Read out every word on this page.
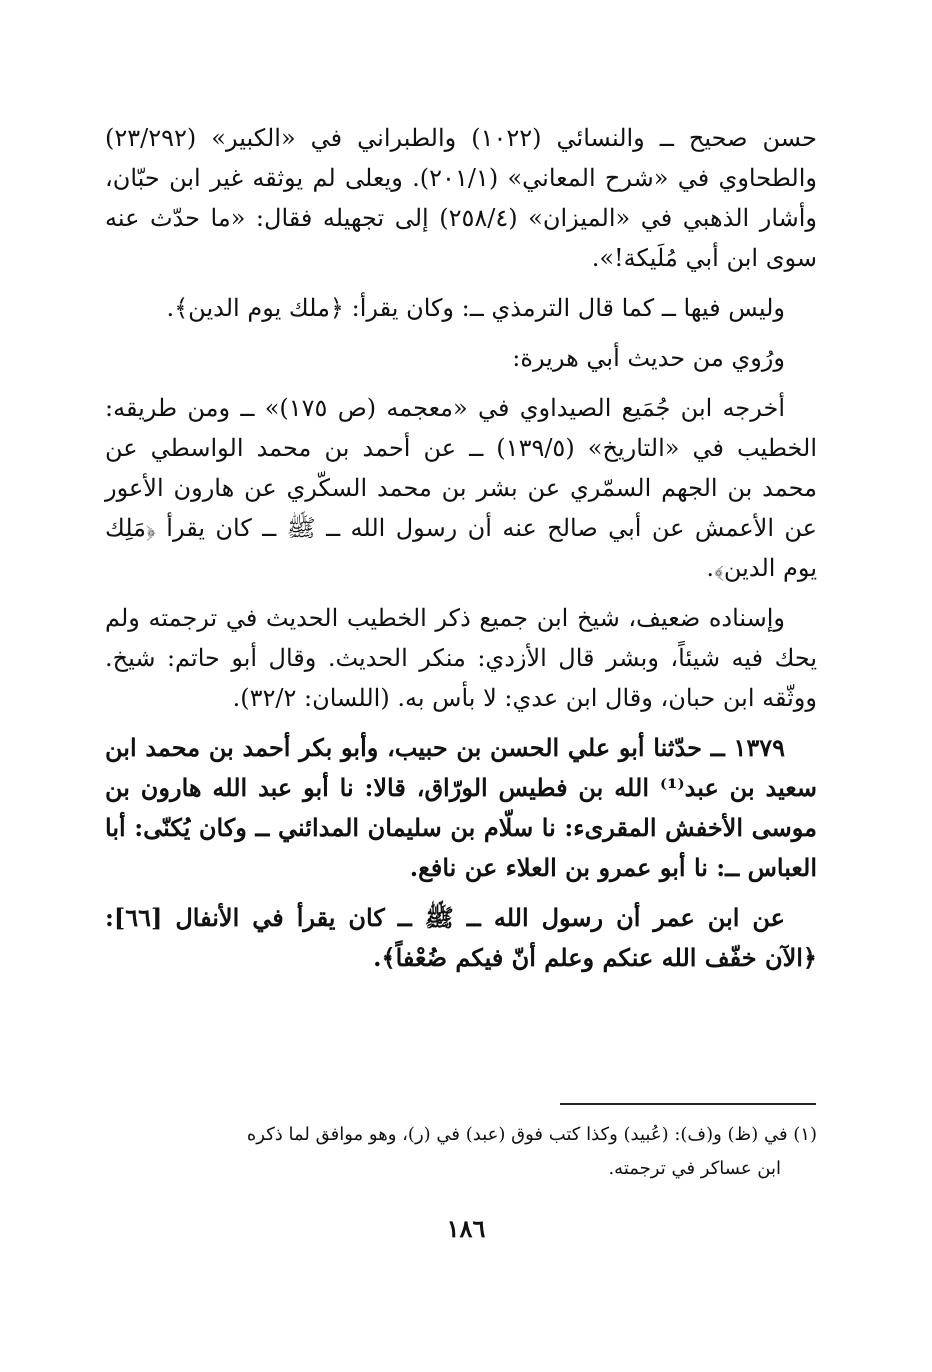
حسن صحيح ــ والنسائي (١٠٢٢) والطبراني في «الكبير» (٢٣/٢٩٢) والطحاوي في «شرح المعاني» (٢٠١/١). ويعلى لم يوثقه غير ابن حبّان، وأشار الذهبي في «الميزان» (٢٥٨/٤) إلى تجهيله فقال: «ما حدّث عنه سوى ابن أبي مُلَيكة!».

وليس فيها ــ كما قال الترمذي ــ: وكان يقرأ: ﴿ملك يوم الدين﴾.

ورُوي من حديث أبي هريرة:

أخرجه ابن جُمَيع الصيداوي في «معجمه (ص ١٧٥)» ــ ومن طريقه: الخطيب في «التاريخ» (١٣٩/٥) ــ عن أحمد بن محمد الواسطي عن محمد بن الجهم السمّري عن بشر بن محمد السكّري عن هارون الأعور عن الأعمش عن أبي صالح عنه أن رسول الله ــ ﷺ ــ كان يقرأ ﴿مَلِك يوم الدين﴾.

وإسناده ضعيف، شيخ ابن جميع ذكر الخطيب الحديث في ترجمته ولم يحك فيه شيئاً، وبشر قال الأزدي: منكر الحديث. وقال أبو حاتم: شيخ. ووثّقه ابن حبان، وقال ابن عدي: لا بأس به. (اللسان: ٣٢/٢).

١٣٧٩ ــ حدّثنا أبو علي الحسن بن حبيب، وأبو بكر أحمد بن محمد ابن سعيد بن عبد⁽¹⁾ الله بن فطيس الورّاق، قالا: نا أبو عبد الله هارون بن موسى الأخفش المقرىء: نا سلّام بن سليمان المدائني ــ وكان يُكنّى: أبا العباس ــ: نا أبو عمرو بن العلاء عن نافع.

عن ابن عمر أن رسول الله ــ ﷺ ــ كان يقرأ في الأنفال [٦٦]: ﴿الآن خفّف الله عنكم وعلم أنّ فيكم ضُعْفاً﴾.

(١) في (ظ) و(ف): (عُبيد) وكذا كتب فوق (عبد) في (ر)، وهو موافق لما ذكره

ابن عساكر في ترجمته.

١٨٦
